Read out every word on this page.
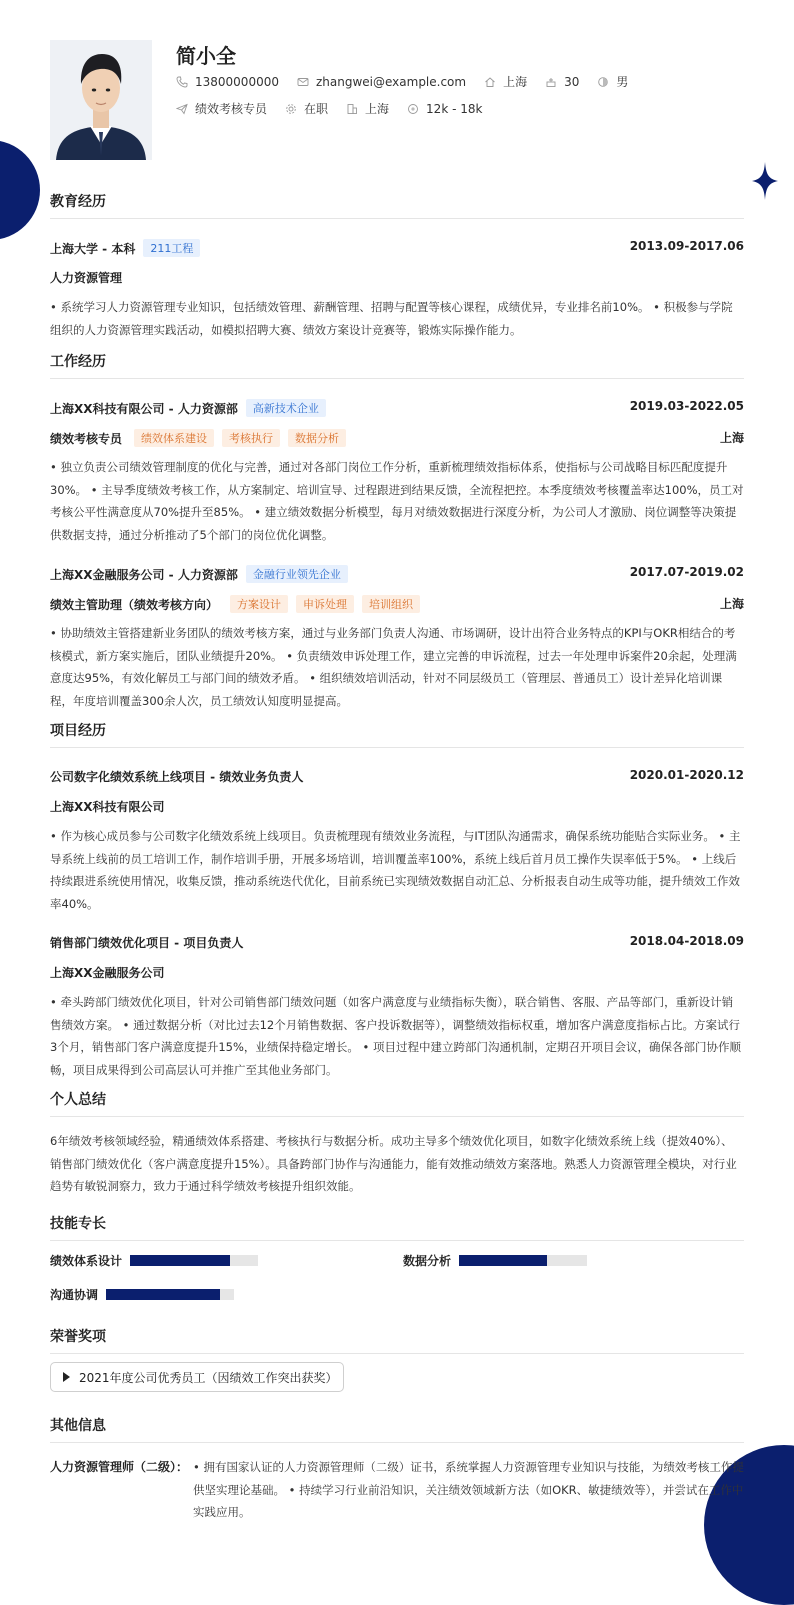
简小全
13800000000	zhangwei@example.com	上海	30	男
绩效考核专员	在职	上海	12k - 18k
教育经历
上海大学 - 本科	211工程	2013.09-2017.06
人力资源管理

• 系统学习人力资源管理专业知识，包括绩效管理、薪酬管理、招聘与配置等核心课程，成绩优异，专业排名前10%。 • 积极参与学院组织的人力资源管理实践活动，如模拟招聘大赛、绩效方案设计竞赛等，锻炼实际操作能力。

工作经历
上海XX科技有限公司 - 人力资源部	高新技术企业	2019.03-2022.05
绩效考核专员	绩效体系建设	考核执行	数据分析	上海

• 独立负责公司绩效管理制度的优化与完善，通过对各部门岗位工作分析，重新梳理绩效指标体系，使指标与公司战略目标匹配度提升30%。 • 主导季度绩效考核工作，从方案制定、培训宣导、过程跟进到结果反馈，全流程把控。本季度绩效考核覆盖率达100%，员工对考核公平性满意度从70%提升至85%。 • 建立绩效数据分析模型，每月对绩效数据进行深度分析，为公司人才激励、岗位调整等决策提供数据支持，通过分析推动了5个部门的岗位优化调整。

上海XX金融服务公司 - 人力资源部	金融行业领先企业	2017.07-2019.02
绩效主管助理（绩效考核方向）	方案设计	申诉处理	培训组织	上海

• 协助绩效主管搭建新业务团队的绩效考核方案，通过与业务部门负责人沟通、市场调研，设计出符合业务特点的KPI与OKR相结合的考核模式，新方案实施后，团队业绩提升20%。 • 负责绩效申诉处理工作，建立完善的申诉流程，过去一年处理申诉案件20余起，处理满意度达95%，有效化解员工与部门间的绩效矛盾。 • 组织绩效培训活动，针对不同层级员工（管理层、普通员工）设计差异化培训课程，年度培训覆盖300余人次，员工绩效认知度明显提高。

项目经历
公司数字化绩效系统上线项目 - 绩效业务负责人	2020.01-2020.12
上海XX科技有限公司

• 作为核心成员参与公司数字化绩效系统上线项目。负责梳理现有绩效业务流程，与IT团队沟通需求，确保系统功能贴合实际业务。 • 主导系统上线前的员工培训工作，制作培训手册，开展多场培训，培训覆盖率100%，系统上线后首月员工操作失误率低于5%。 • 上线后持续跟进系统使用情况，收集反馈，推动系统迭代优化，目前系统已实现绩效数据自动汇总、分析报表自动生成等功能，提升绩效工作效率40%。

销售部门绩效优化项目 - 项目负责人	2018.04-2018.09
上海XX金融服务公司

• 牵头跨部门绩效优化项目，针对公司销售部门绩效问题（如客户满意度与业绩指标失衡），联合销售、客服、产品等部门，重新设计销售绩效方案。 • 通过数据分析（对比过去12个月销售数据、客户投诉数据等），调整绩效指标权重，增加客户满意度指标占比。方案试行3个月，销售部门客户满意度提升15%，业绩保持稳定增长。 • 项目过程中建立跨部门沟通机制，定期召开项目会议，确保各部门协作顺畅，项目成果得到公司高层认可并推广至其他业务部门。

个人总结

6年绩效考核领域经验，精通绩效体系搭建、考核执行与数据分析。成功主导多个绩效优化项目，如数字化绩效系统上线（提效40%）、销售部门绩效优化（客户满意度提升15%）。具备跨部门协作与沟通能力，能有效推动绩效方案落地。熟悉人力资源管理全模块，对行业趋势有敏锐洞察力，致力于通过科学绩效考核提升组织效能。

技能专长
绩效体系设计	数据分析
沟通协调
荣誉奖项
2021年度公司优秀员工（因绩效工作突出获奖）
其他信息
人力资源管理师（二级）： • 拥有国家认证的人力资源管理师（二级）证书，系统掌握人力资源管理专业知识与技能，为绩效考核工作提供坚实理论基础。 • 持续学习行业前沿知识，关注绩效领域新方法（如OKR、敏捷绩效等），并尝试在工作中实践应用。
